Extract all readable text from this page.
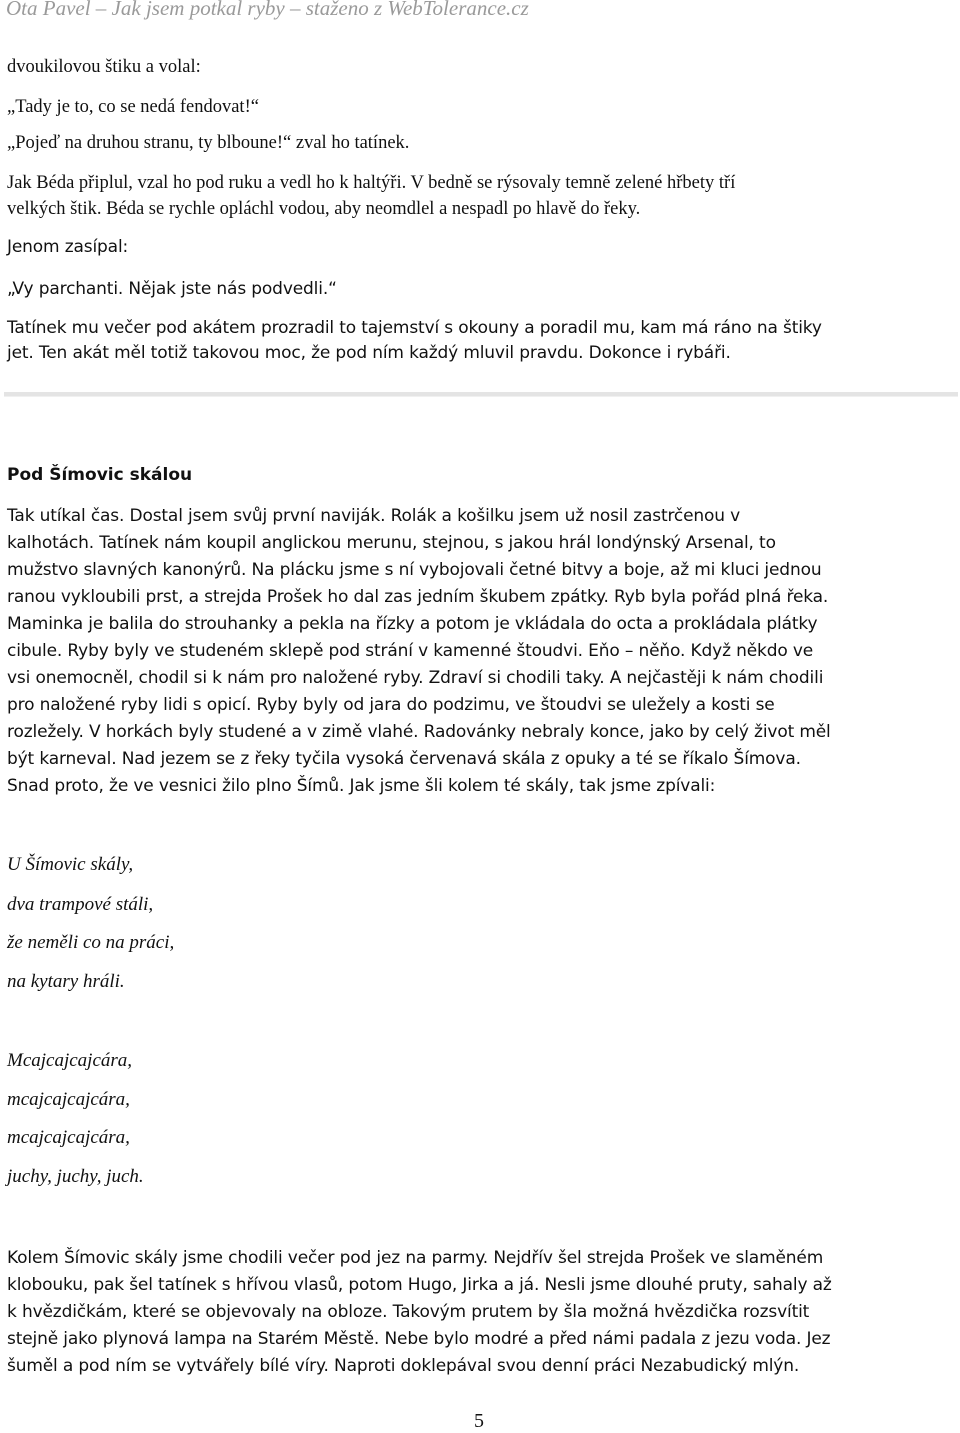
Ota Pavel – Jak jsem potkal ryby – staženo z WebTolerance.cz
dvoukilovou štiku a volal:
„Tady je to, co se nedá fendovat!“
„Pojeď na druhou stranu, ty blboune!“ zval ho tatínek.
Jak Béda připlul, vzal ho pod ruku a vedl ho k haltýři. V bedně se rýsovaly temně zelené hřbety tří
velkých štik. Béda se rychle opláchl vodou, aby neomdlel a nespadl po hlavě do řeky.
Jenom zasípal:
„Vy parchanti. Nějak jste nás podvedli.“
Tatínek mu večer pod akátem prozradil to tajemství s okouny a poradil mu, kam má ráno na štiky
jet. Ten akát měl totiž takovou moc, že pod ním každý mluvil pravdu. Dokonce i rybáři.
Pod Šímovic skálou
Tak utíkal čas. Dostal jsem svůj první naviják. Rolák a košilku jsem už nosil zastrčenou v
kalhotách. Tatínek nám koupil anglickou merunu, stejnou, s jakou hrál londýnský Arsenal, to
mužstvo slavných kanonýrů. Na plácku jsme s ní vybojovali četné bitvy a boje, až mi kluci jednou
ranou vykloubili prst, a strejda Prošek ho dal zas jedním škubem zpátky. Ryb byla pořád plná řeka.
Maminka je balila do strouhanky a pekla na řízky a potom je vkládala do octa a prokládala plátky
cibule. Ryby byly ve studeném sklepě pod strání v kamenné štoudvi. Eňo – něňo. Když někdo ve
vsi onemocněl, chodil si k nám pro naložené ryby. Zdraví si chodili taky. A nejčastěji k nám chodili
pro naložené ryby lidi s opicí. Ryby byly od jara do podzimu, ve štoudvi se uležely a kosti se
rozležely. V horkách byly studené a v zimě vlahé. Radovánky nebraly konce, jako by celý život měl
být karneval. Nad jezem se z řeky tyčila vysoká červenavá skála z opuky a té se říkalo Šímova.
Snad proto, že ve vesnici žilo plno Šímů. Jak jsme šli kolem té skály, tak jsme zpívali:
U Šímovic skály,
dva trampové stáli,
že neměli co na práci,
na kytary hráli.
Mcajcajcajcára,
mcajcajcajcára,
mcajcajcajcára,
juchy, juchy, juch.
Kolem Šímovic skály jsme chodili večer pod jez na parmy. Nejdřív šel strejda Prošek ve slaměném
klobouku, pak šel tatínek s hřívou vlasů, potom Hugo, Jirka a já. Nesli jsme dlouhé pruty, sahaly až
k hvězdičkám, které se objevovaly na obloze. Takovým prutem by šla možná hvězdička rozsvítit
stejně jako plynová lampa na Starém Městě. Nebe bylo modré a před námi padala z jezu voda. Jez
šuměl a pod ním se vytvářely bílé víry. Naproti doklepával svou denní práci Nezabudický mlýn.
5
